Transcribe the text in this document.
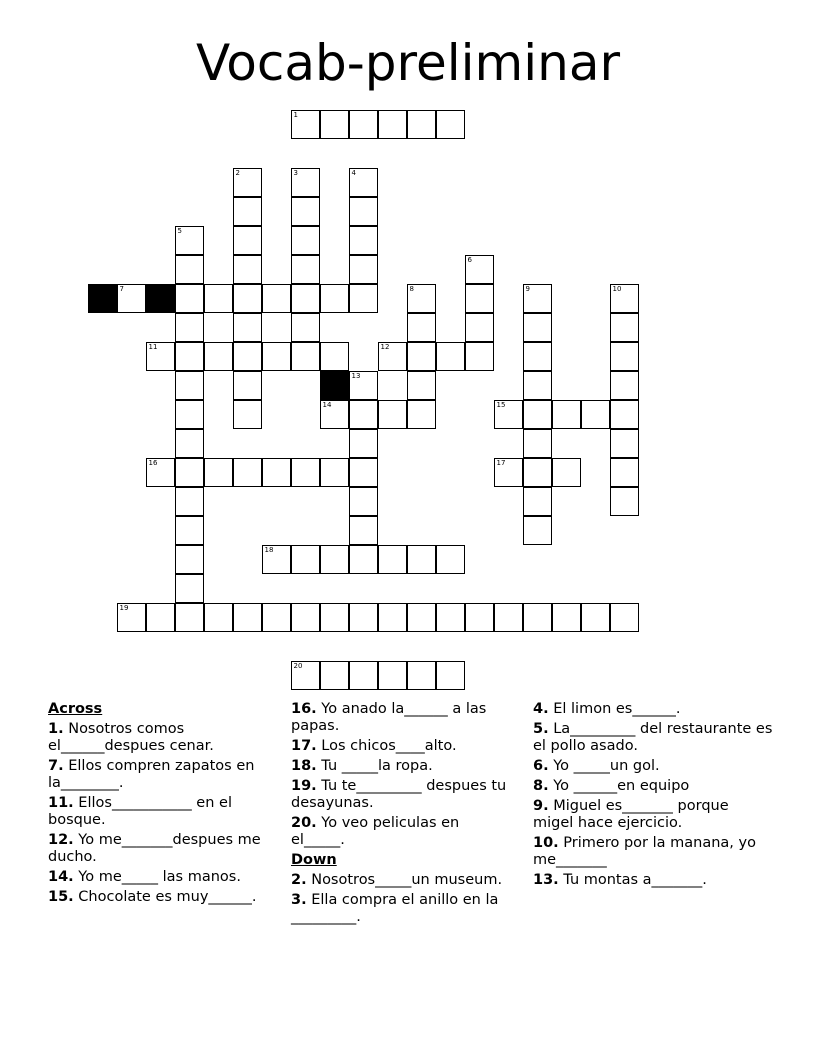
Vocab-preliminar
1
2	3	4
5
6
7	8	9	10
11	12
13
14	15
16	17
18
19
20
Across
1. Nosotros comos el______despues cenar.
7. Ellos compren zapatos en la________.
11. Ellos___________ en el bosque.
12. Yo me_______despues me ducho.
14. Yo me_____ las manos.
15. Chocolate es muy______.
16. Yo anado la______ a las papas.
17. Los chicos____alto.
18. Tu _____la ropa.
19. Tu te_________ despues tu desayunas.
20. Yo veo peliculas en el_____.
Down
2. Nosotros_____un museum.
3. Ella compra el anillo en la _________.
4. El limon es______.
5. La_________ del restaurante es el pollo asado.
6. Yo _____un gol.
8. Yo ______en equipo
9. Miguel es_______ porque migel hace ejercicio.
10. Primero por la manana, yo me_______
13. Tu montas a_______.
